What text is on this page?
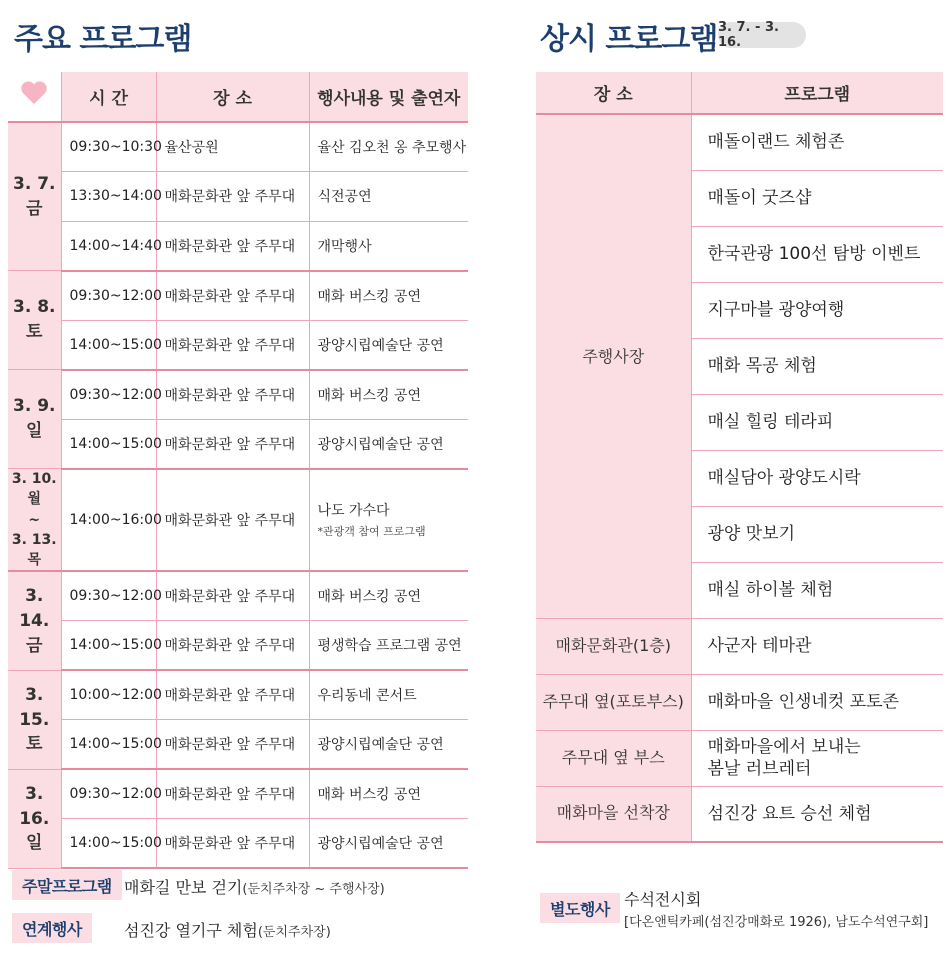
주요 프로그램	상시 프로그램 3. 7. - 3. 16.
	시 간	장 소	행사내용 및 출연자
3. 7.
금	09:30~10:30	율산공원	율산 김오천 옹 추모행사
	13:30~14:00	매화문화관 앞 주무대	식전공연
	14:00~14:40	매화문화관 앞 주무대	개막행사
3. 8.
토	09:30~12:00	매화문화관 앞 주무대	매화 버스킹 공연
	14:00~15:00	매화문화관 앞 주무대	광양시립예술단 공연
3. 9.
일	09:30~12:00	매화문화관 앞 주무대	매화 버스킹 공연
	14:00~15:00	매화문화관 앞 주무대	광양시립예술단 공연
3. 10.월
~
3. 13.목	14:00~16:00	매화문화관 앞 주무대	나도 가수다
*관광객 참여 프로그램

3. 14.
금	09:30~12:00	매화문화관 앞 주무대	매화 버스킹 공연
	14:00~15:00	매화문화관 앞 주무대	평생학습 프로그램 공연
3. 15.
토	10:00~12:00	매화문화관 앞 주무대	우리동네 콘서트
	14:00~15:00	매화문화관 앞 주무대	광양시립예술단 공연
3. 16.
일	09:30~12:00	매화문화관 앞 주무대	매화 버스킹 공연
	14:00~15:00	매화문화관 앞 주무대	광양시립예술단 공연
장 소	프로그램
주행사장	매돌이랜드 체험존
	매돌이 굿즈샵
	한국관광 100선 탐방 이벤트
	지구마블 광양여행
	매화 목공 체험
	매실 힐링 테라피
	매실담아 광양도시락
	광양 맛보기
	매실 하이볼 체험
매화문화관(1층)	사군자 테마관
주무대 옆(포토부스)	매화마을 인생네컷 포토존
주무대 옆 부스	매화마을에서 보내는
봄날 러브레터
매화마을 선착장	섬진강 요트 승선 체험
주말프로그램 매화길 만보 걷기(둔치주차장 ~ 주행사장)
연계행사	섬진강 열기구 체험(둔치주차장)
별도행사 수석전시회
[다온앤틱카페(섬진강매화로 1926), 남도수석연구회]
